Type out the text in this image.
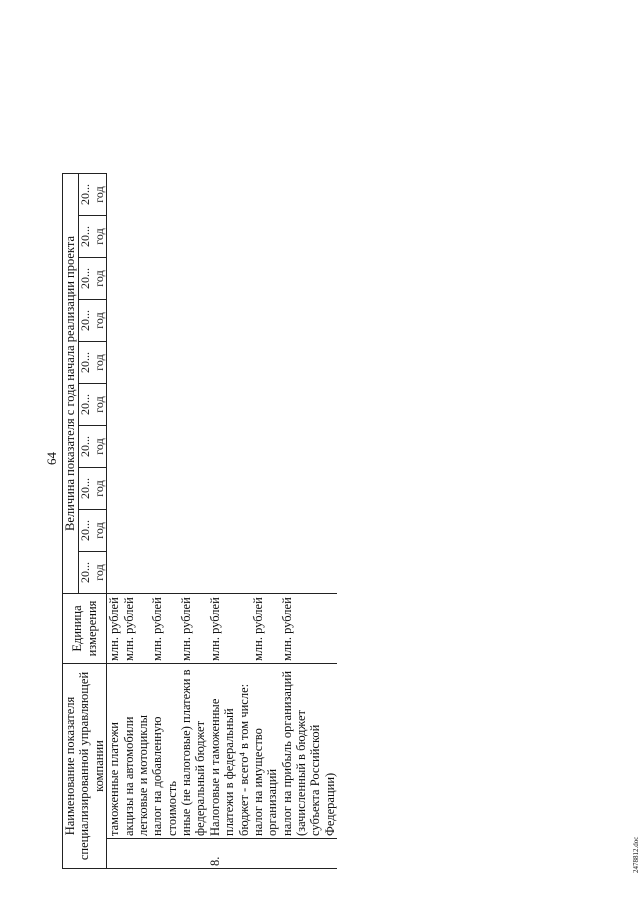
64
Наименование показателя специализированной управляющей компании		Единица измерения	Величина показателя с года начала реализации проекта									
			20... год	20... год	20... год	20... год	20... год	20... год	20... год	20... год	20... год	20... год
	таможенные платежи	млн. рублей										
	акцизы на автомобили легковые и мотоциклы	млн. рублей										
	налог на добавленную стоимость	млн. рублей										
	иные (не налоговые) платежи в федеральный бюджет	млн. рублей										
8.	Налоговые и таможенные платежи в федеральный бюджет - всего⁴ в том числе:	млн. рублей										
	налог на имущество организаций	млн. рублей										
	налог на прибыль организаций (зачисленный в бюджет субъекта Российской Федерации)	млн. рублей										
2478812.doc
